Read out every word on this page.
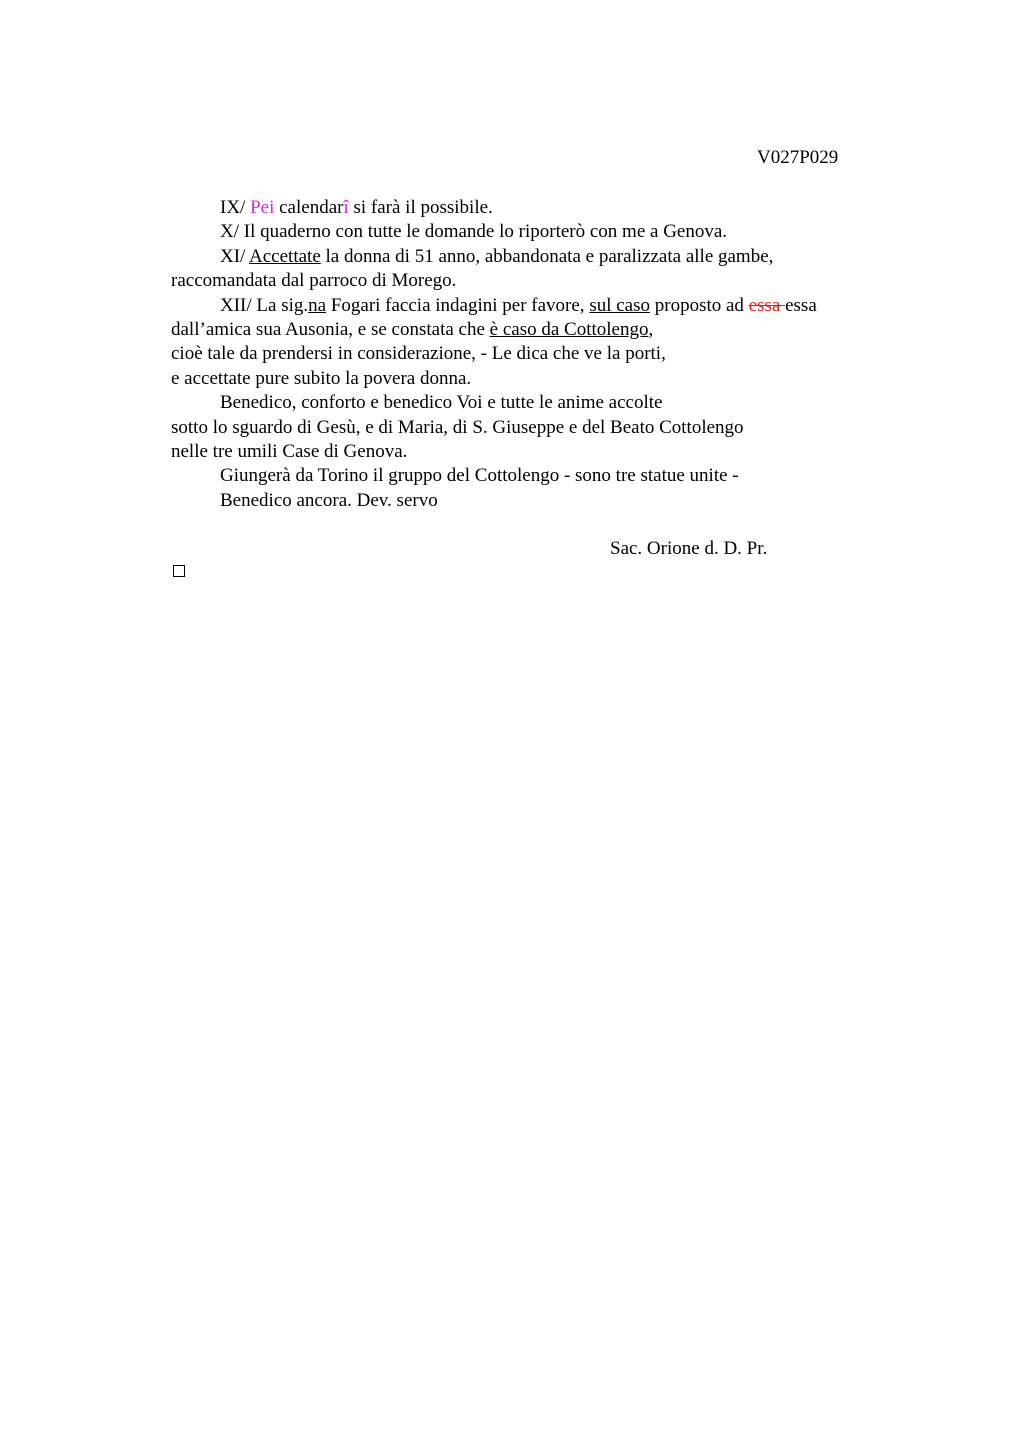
V027P029
IX/ Pei calendarî si farà il possibile.
X/ Il quaderno con tutte le domande lo riporterò con me a Genova.
XI/ Accettate la donna di 51 anno, abbandonata e paralizzata alle gambe,
raccomandata dal parroco di Morego.
XII/ La sig.na Fogari faccia indagini per favore, sul caso proposto ad essa essa
dall’amica sua Ausonia, e se constata che è caso da Cottolengo,
cioè tale da prendersi in considerazione, - Le dica che ve la porti,
e accettate pure subito la povera donna.
Benedico, conforto e benedico Voi e tutte le anime accolte
sotto lo sguardo di Gesù, e di Maria, di S. Giuseppe e del Beato Cottolengo
nelle tre umili Case di Genova.
Giungerà da Torino il gruppo del Cottolengo - sono tre statue unite -
Benedico ancora. Dev. servo
Sac. Orione d. D. Pr.
